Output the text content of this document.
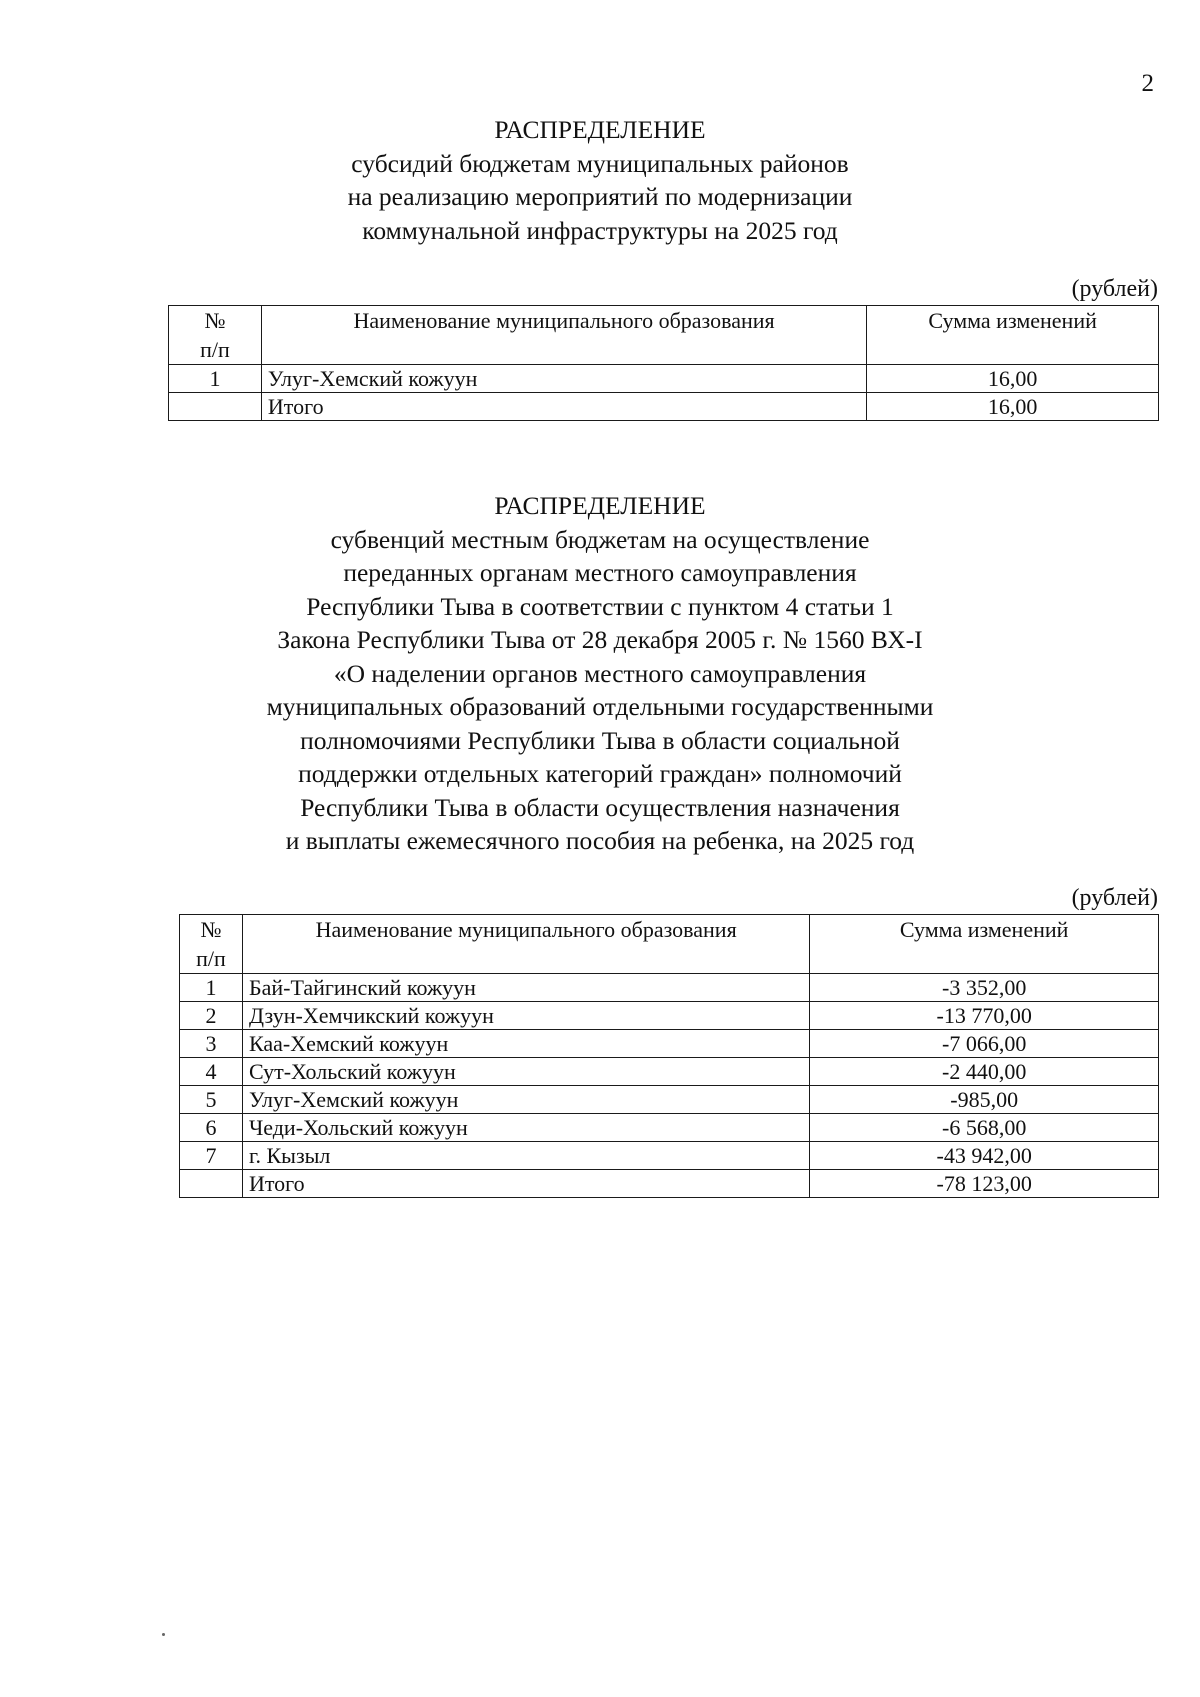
2
РАСПРЕДЕЛЕНИЕ
субсидий бюджетам муниципальных районов
на реализацию мероприятий по модернизации
коммунальной инфраструктуры на 2025 год
(рублей)
№
п/п	Наименование муниципального образования	Сумма изменений
1	Улуг-Хемский кожуун	16,00
	Итого	16,00
РАСПРЕДЕЛЕНИЕ
субвенций местным бюджетам на осуществление
переданных органам местного самоуправления
Республики Тыва в соответствии с пунктом 4 статьи 1
Закона Республики Тыва от 28 декабря 2005 г. № 1560 ВХ-I
«О наделении органов местного самоуправления
муниципальных образований отдельными государственными
полномочиями Республики Тыва в области социальной
поддержки отдельных категорий граждан» полномочий
Республики Тыва в области осуществления назначения
и выплаты ежемесячного пособия на ребенка, на 2025 год
(рублей)
№
п/п	Наименование муниципального образования	Сумма изменений
1	Бай-Тайгинский кожуун	-3 352,00
2	Дзун-Хемчикский кожуун	-13 770,00
3	Каа-Хемский кожуун	-7 066,00
4	Сут-Хольский кожуун	-2 440,00
5	Улуг-Хемский кожуун	-985,00
6	Чеди-Хольский кожуун	-6 568,00
7	г. Кызыл	-43 942,00
	Итого	-78 123,00
